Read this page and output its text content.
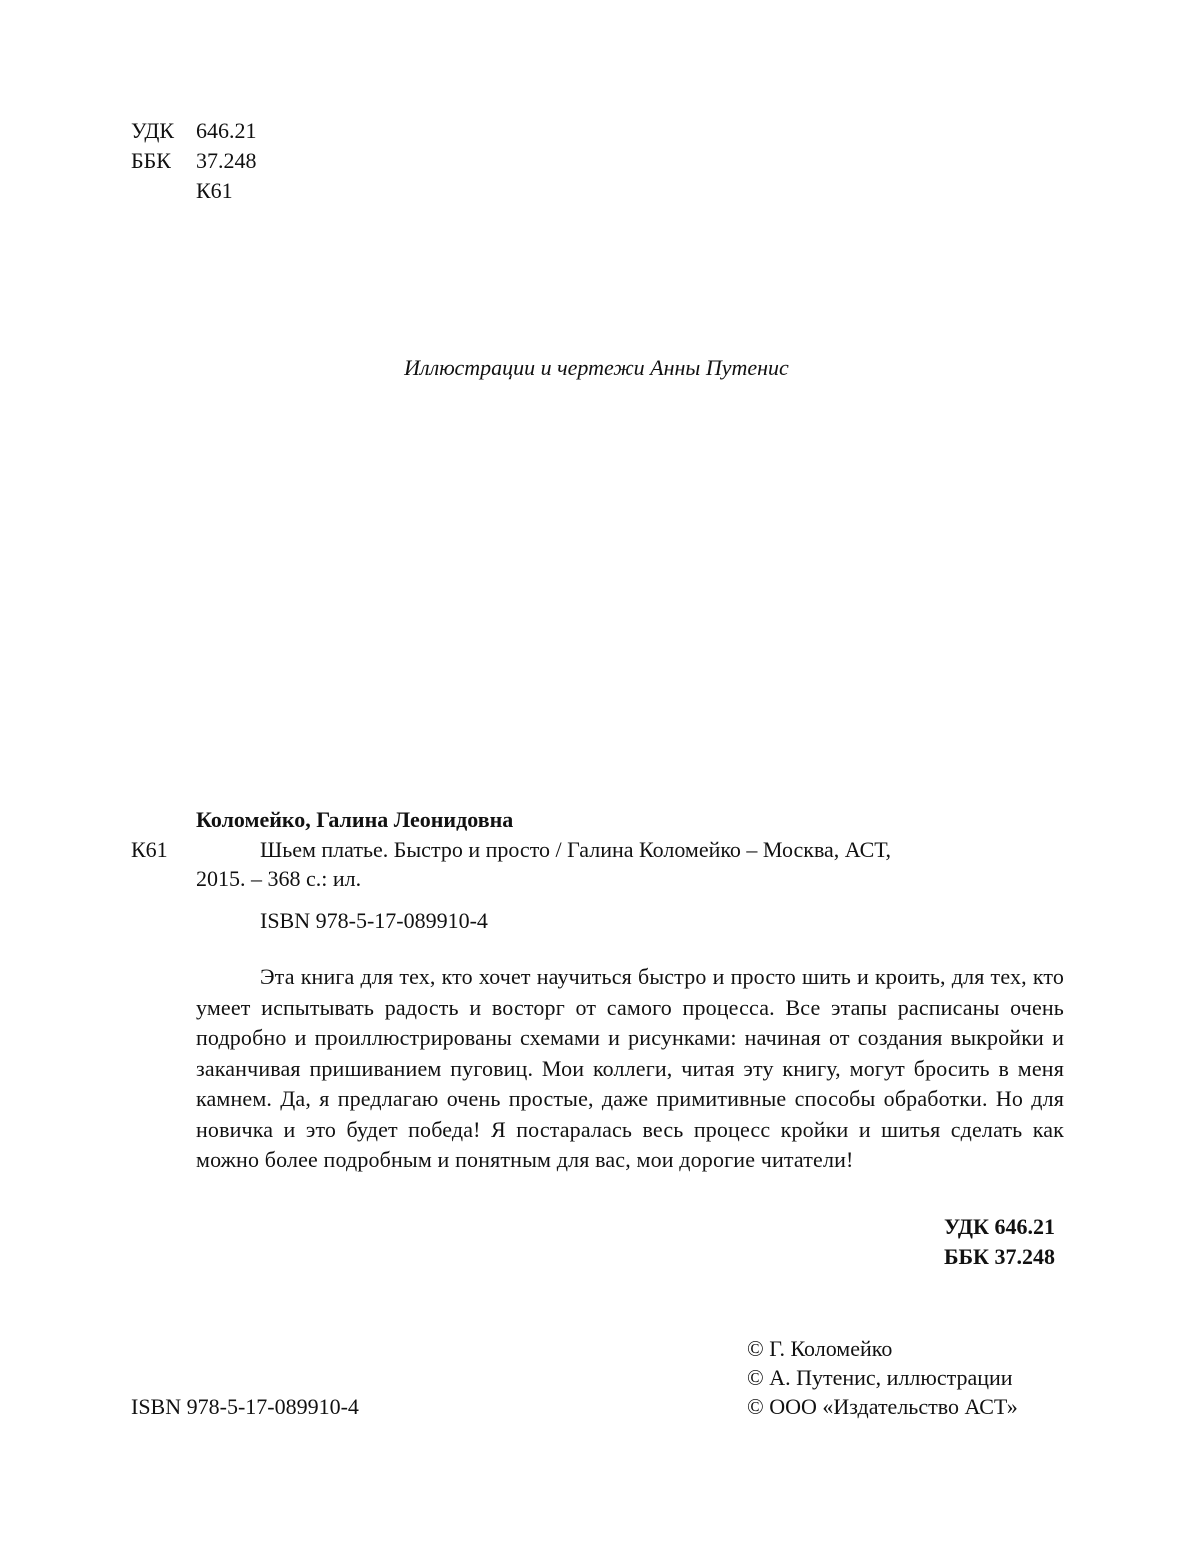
УДК 646.21
ББК 37.248
К61
Иллюстрации и чертежи Анны Путенис
Коломейко, Галина Леонидовна
К61	Шьем платье. Быстро и просто / Галина Коломейко – Москва, АСТ,
2015. – 368 с.: ил.
ISBN 978-5-17-089910-4
Эта книга для тех, кто хочет научиться быстро и просто шить и кроить, для тех, кто умеет испытывать радость и восторг от самого процесса. Все этапы расписаны очень подробно и проиллюстрированы схемами и рисунками: начиная от создания выкройки и заканчивая пришиванием пуговиц. Мои коллеги, читая эту книгу, могут бросить в меня камнем. Да, я предлагаю очень простые, даже примитивные способы обработки. Но для новичка и это будет победа! Я постаралась весь процесс кройки и шитья сделать как можно более подробным и понятным для вас, мои дорогие читатели!
УДК 646.21
ББК 37.248
ISBN 978-5-17-089910-4
© Г. Коломейко
© А. Путенис, иллюстрации
© ООО «Издательство АСТ»
